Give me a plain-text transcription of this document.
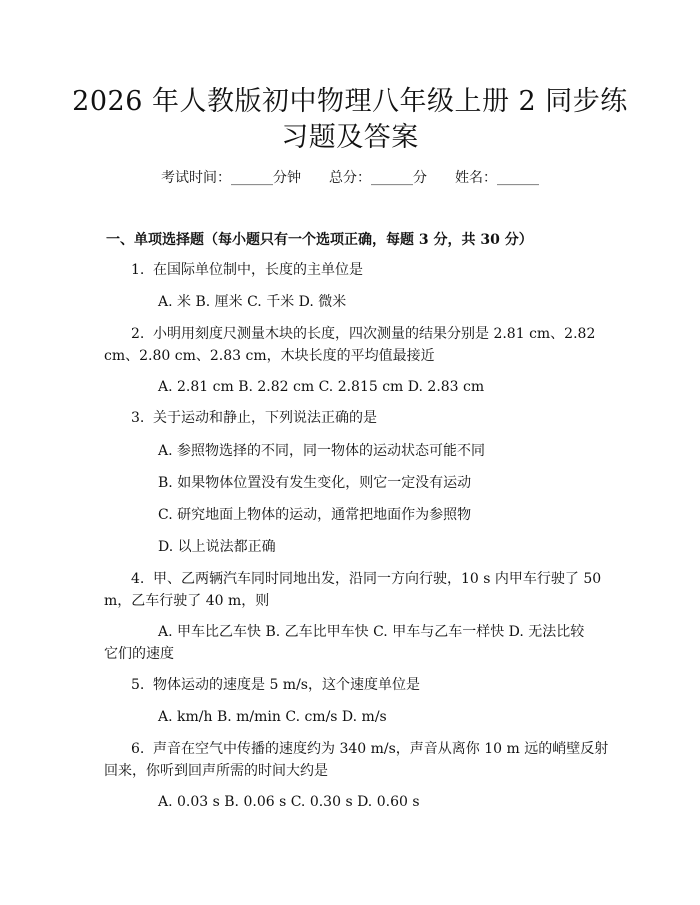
2026 年人教版初中物理八年级上册 2 同步练
习题及答案
考试时间：______分钟 总分：______分 姓名：______
一、单项选择题（每小题只有一个选项正确，每题 3 分，共 30 分）
1. 在国际单位制中，长度的主单位是
A. 米 B. 厘米 C. 千米 D. 微米
2. 小明用刻度尺测量木块的长度，四次测量的结果分别是 2.81 cm、2.82
cm、2.80 cm、2.83 cm，木块长度的平均值最接近
A. 2.81 cm B. 2.82 cm C. 2.815 cm D. 2.83 cm
3. 关于运动和静止，下列说法正确的是
A. 参照物选择的不同，同一物体的运动状态可能不同
B. 如果物体位置没有发生变化，则它一定没有运动
C. 研究地面上物体的运动，通常把地面作为参照物
D. 以上说法都正确
4. 甲、乙两辆汽车同时同地出发，沿同一方向行驶，10 s 内甲车行驶了 50
m，乙车行驶了 40 m，则
A. 甲车比乙车快 B. 乙车比甲车快 C. 甲车与乙车一样快 D. 无法比较
它们的速度
5. 物体运动的速度是 5 m/s，这个速度单位是
A. km/h B. m/min C. cm/s D. m/s
6. 声音在空气中传播的速度约为 340 m/s，声音从离你 10 m 远的峭壁反射
回来，你听到回声所需的时间大约是
A. 0.03 s B. 0.06 s C. 0.30 s D. 0.60 s
